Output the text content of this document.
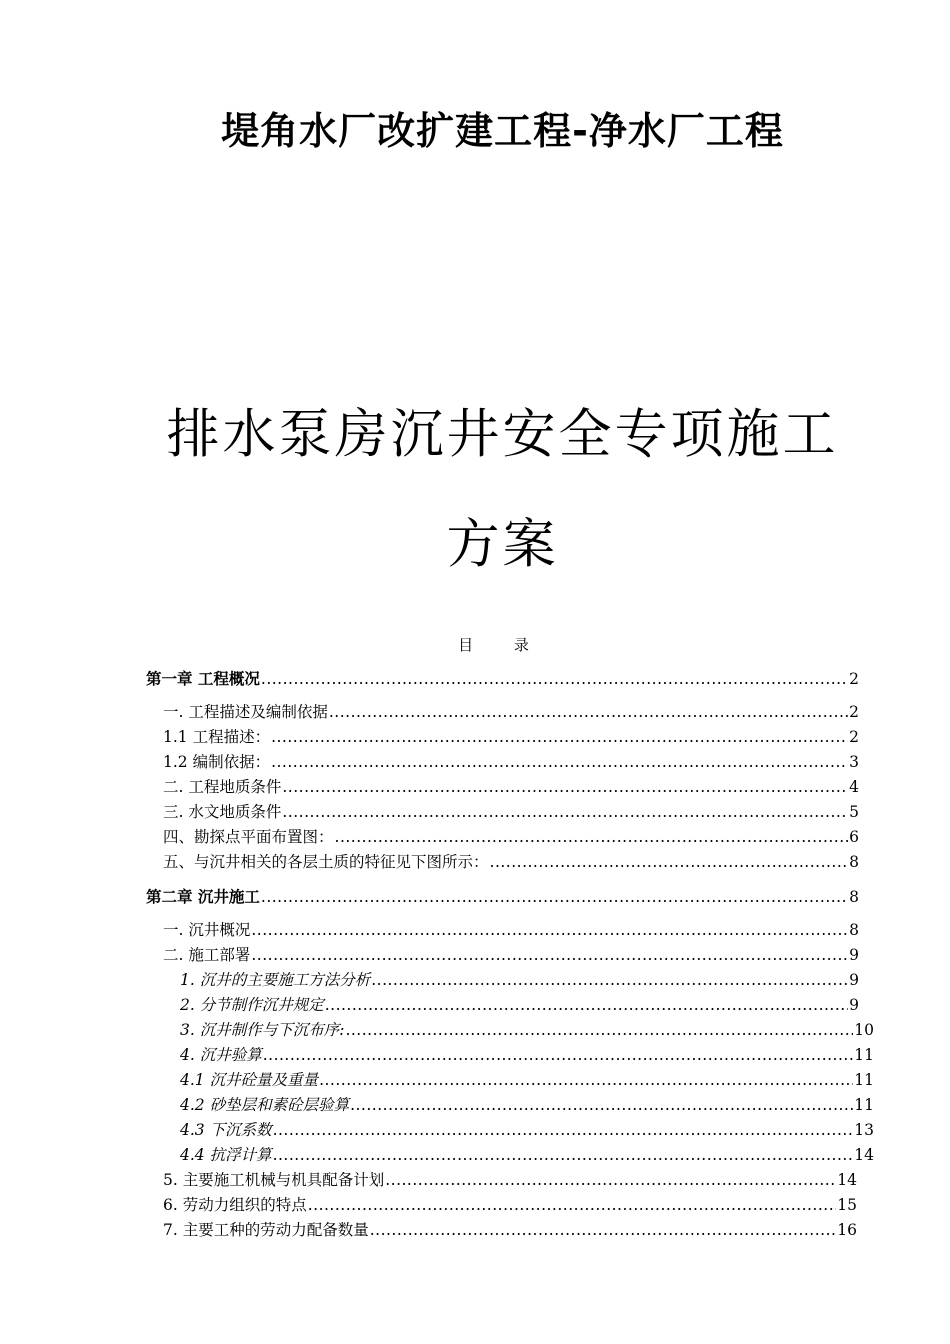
堤角水厂改扩建工程-净水厂工程
排水泵房沉井安全专项施工
方案
目 录
第一章 工程概况 .....	2
一. 工程描述及编制依据 .....	2
1.1 工程描述： .....	2
1.2 编制依据： .....	3
二. 工程地质条件 .....	4
三. 水文地质条件 .....	5
四、勘探点平面布置图： .....	6
五、与沉井相关的各层土质的特征见下图所示： .....	8
第二章 沉井施工 .....	8
一. 沉井概况 .....	8
二. 施工部署 .....	9
1. 沉井的主要施工方法分析 .....	9
2. 分节制作沉井规定 .....	9
3. 沉井制作与下沉布序: .....	10
4. 沉井验算 .....	11
4.1 沉井砼量及重量 .....	11
4.2 砂垫层和素砼层验算 .....	11
4.3 下沉系数 .....	13
4.4 抗浮计算 .....	14
5. 主要施工机械与机具配备计划 .....	14
6. 劳动力组织的特点 .....	15
7. 主要工种的劳动力配备数量 .....	16
